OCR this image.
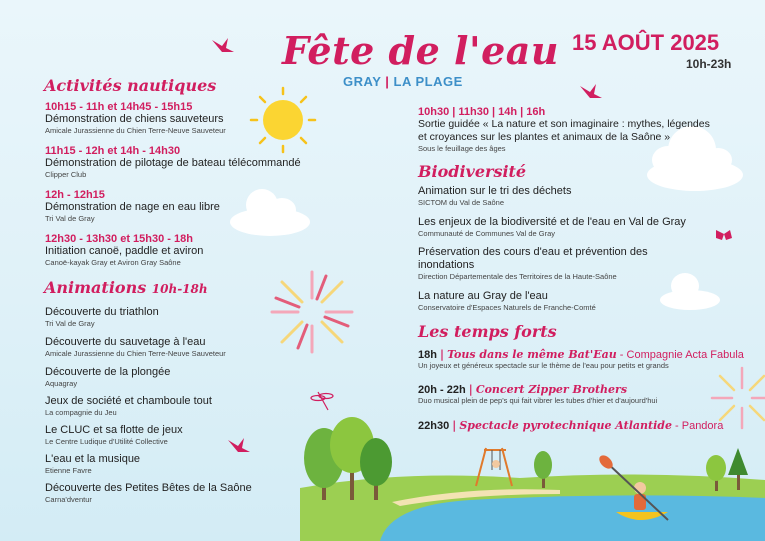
Fête de l'eau
GRAY | LA PLAGE
15 AOÛT 2025
10h-23h
Activités nautiques
10h15 - 11h et 14h45 - 15h15
Démonstration de chiens sauveteurs
Amicale Jurassienne du Chien Terre-Neuve Sauveteur
11h15 - 12h et 14h - 14h30
Démonstration de pilotage de bateau télécommandé
Clipper Club
12h - 12h15
Démonstration de nage en eau libre
Tri Val de Gray
12h30 - 13h30 et 15h30 - 18h
Initiation canoë, paddle et aviron
Canoë-kayak Gray et Aviron Gray Saône
Animations 10h-18h
Découverte du triathlon
Tri Val de Gray
Découverte du sauvetage à l'eau
Amicale Jurassienne du Chien Terre-Neuve Sauveteur
Découverte de la plongée
Aquagray
Jeux de société et chamboule tout
La compagnie du Jeu
Le CLUC et sa flotte de jeux
Le Centre Ludique d'Utilité Collective
L'eau et la musique
Etienne Favre
Découverte des Petites Bêtes de la Saône
Carna'dventur
10h30 | 11h30 | 14h | 16h
Sortie guidée « La nature et son imaginaire : mythes, légendes et croyances sur les plantes et animaux de la Saône »
Sous le feuillage des âges
Biodiversité
Animation sur le tri des déchets
SICTOM du Val de Saône
Les enjeux de la biodiversité et de l'eau en Val de Gray
Communauté de Communes Val de Gray
Préservation des cours d'eau et prévention des inondations
Direction Départementale des Territoires de la Haute-Saône
La nature au Gray de l'eau
Conservatoire d'Espaces Naturels de Franche-Comté
Les temps forts
18h | Tous dans le même Bat'Eau - Compagnie Acta Fabula
Un joyeux et généreux spectacle sur le thème de l'eau pour petits et grands
20h - 22h | Concert Zipper Brothers
Duo musical plein de pep's qui fait vibrer les tubes d'hier et d'aujourd'hui
22h30 | Spectacle pyrotechnique Atlantide - Pandora
